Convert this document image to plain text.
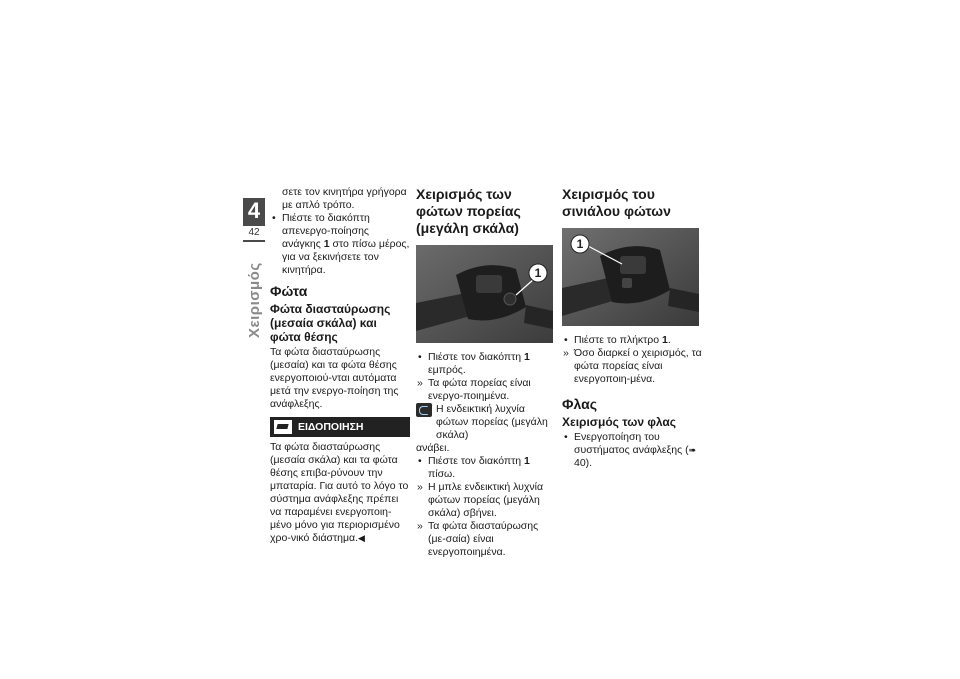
4
42
Χειρισμός

σετε τον κινητήρα γρήγορα με απλό τρόπο.

• Πιέστε το διακόπτη απενεργο-ποίησης ανάγκης 1 στο πίσω μέρος, για να ξεκινήσετε τον κινητήρα.

Φώτα
Φώτα διασταύρωσης (μεσαία σκάλα) και φώτα θέσης

Τα φώτα διασταύρωσης (μεσαία) και τα φώτα θέσης ενεργοποιού-νται αυτόματα μετά την ενεργο-ποίηση της ανάφλεξης.

ΕΙΔΟΠΟΙΗΣΗ

Τα φώτα διασταύρωσης (μεσαία σκάλα) και τα φώτα θέσης επιβα-ρύνουν την μπαταρία. Για αυτό το λόγο το σύστημα ανάφλεξης πρέπει να παραμένει ενεργοποιη-μένο μόνο για περιορισμένο χρο-νικό διάστημα.◀

Χειρισμός των φώτων πορείας (μεγάλη σκάλα)
1

• Πιέστε τον διακόπτη 1 εμπρός.

» Τα φώτα πορείας είναι ενεργο-ποιημένα.

Η ενδεικτική λυχνία φώτων πορείας (μεγάλη σκάλα)

ανάβει.

• Πιέστε τον διακόπτη 1 πίσω.

» Η μπλε ενδεικτική λυχνία φώτων πορείας (μεγάλη σκάλα) σβήνει.

» Τα φώτα διασταύρωσης (με-σαία) είναι ενεργοποιημένα.

Χειρισμός του σινιάλου φώτων
1

• Πιέστε το πλήκτρο 1.

» Όσο διαρκεί ο χειρισμός, τα φώτα πορείας είναι ενεργοποιη-μένα.

Φλας
Χειρισμός των φλας

• Ενεργοποίηση του συστήματος ανάφλεξης (➠ 40).
